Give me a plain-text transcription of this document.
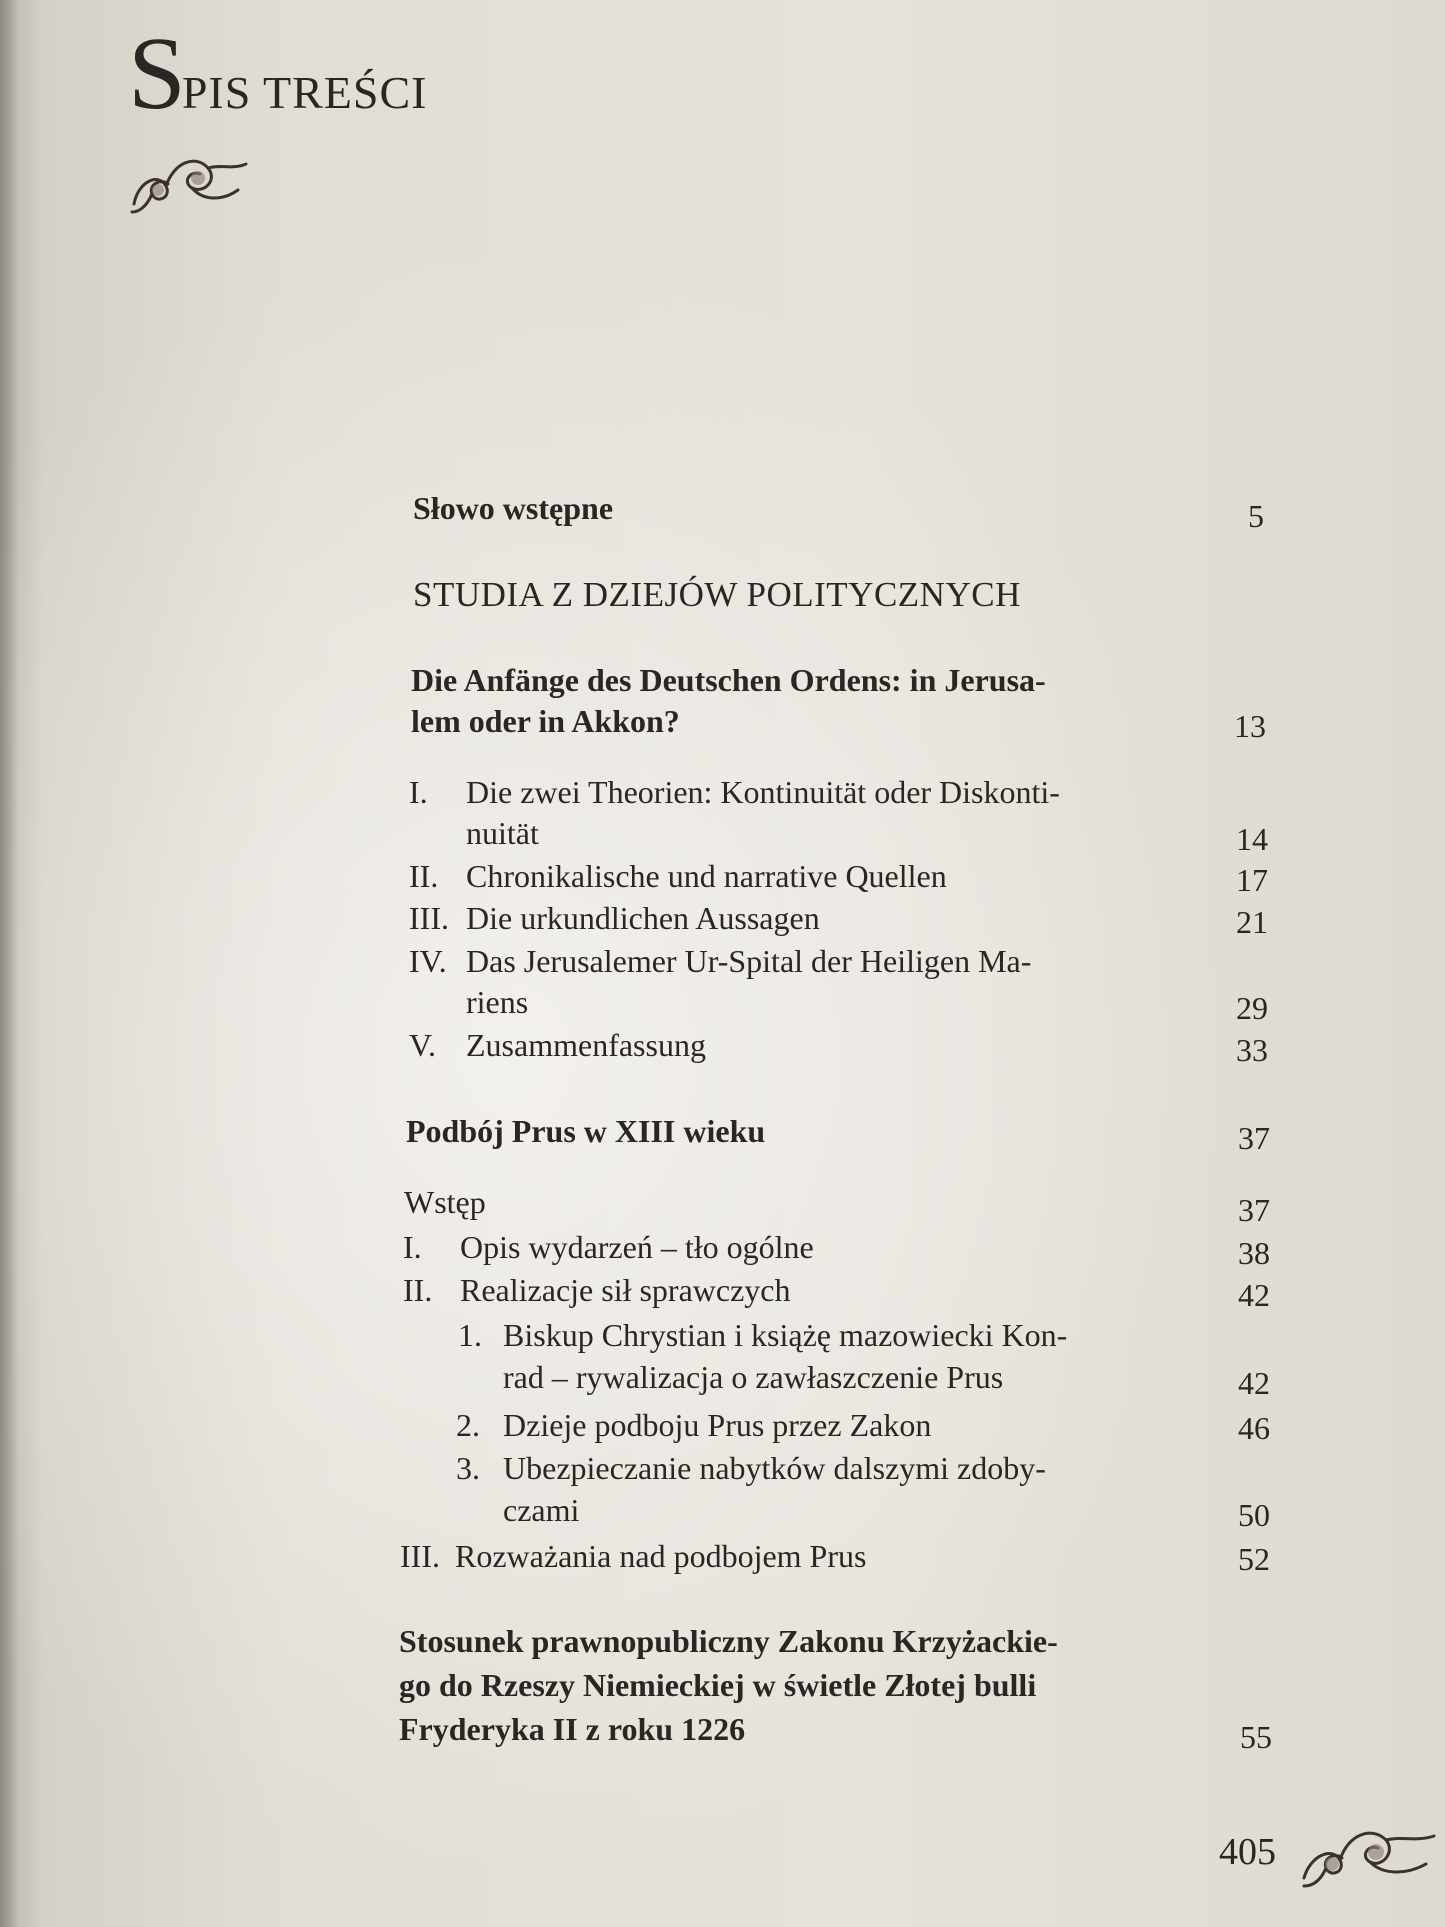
SPIS TREŚCI
Słowo wstępne	5
STUDIA Z DZIEJÓW POLITYCZNYCH
Die Anfänge des Deutschen Ordens: in Jerusa-
lem oder in Akkon?	13
I. Die zwei Theorien: Kontinuität oder Diskonti-
nuität	14
II. Chronikalische und narrative Quellen	17
III. Die urkundlichen Aussagen	21
IV. Das Jerusalemer Ur-Spital der Heiligen Ma-
riens	29
V. Zusammenfassung	33
Podbój Prus w XIII wieku	37
Wstęp	37
I. Opis wydarzeń – tło ogólne	38
II. Realizacje sił sprawczych	42
1. Biskup Chrystian i książę mazowiecki Kon-
rad – rywalizacja o zawłaszczenie Prus	42
2. Dzieje podboju Prus przez Zakon	46
3. Ubezpieczanie nabytków dalszymi zdoby-
czami	50
III. Rozważania nad podbojem Prus	52
Stosunek prawnopubliczny Zakonu Krzyżackie-
go do Rzeszy Niemieckiej w świetle Złotej bulli
Fryderyka II z roku 1226	55
405
